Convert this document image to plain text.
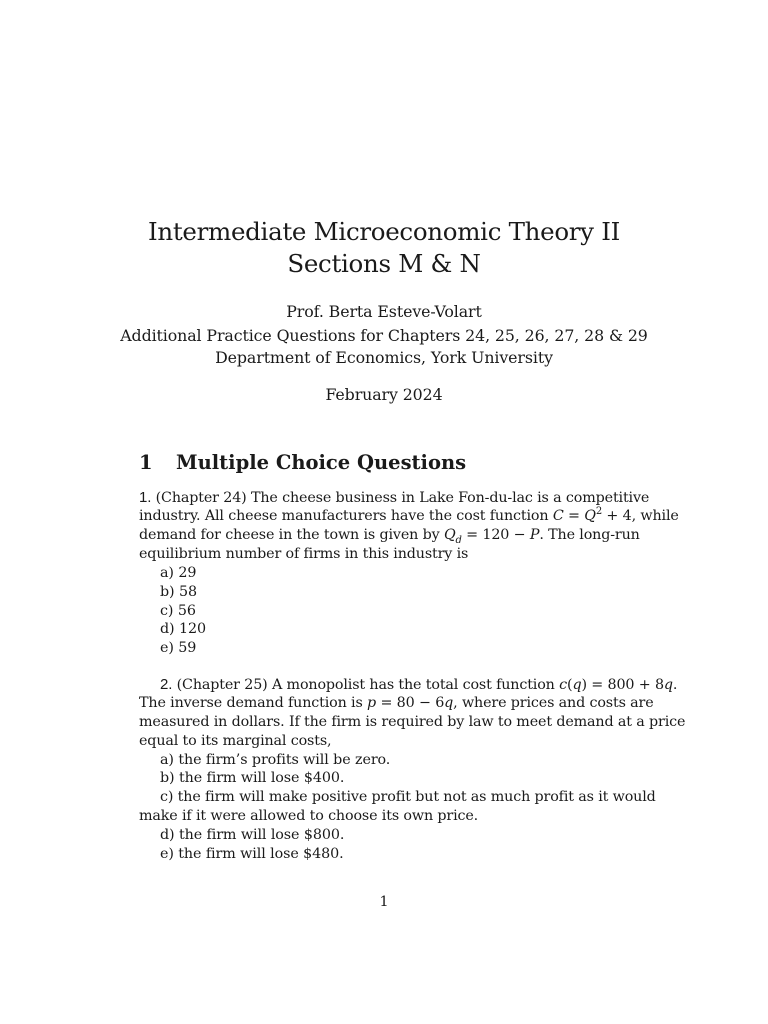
Intermediate Microeconomic Theory II
Sections M & N
Prof. Berta Esteve-Volart
Additional Practice Questions for Chapters 24, 25, 26, 27, 28 & 29
Department of Economics, York University
February 2024
1 Multiple Choice Questions
1. (Chapter 24) The cheese business in Lake Fon-du-lac is a competitive
industry. All cheese manufacturers have the cost function $C = Q^2 + 4$, while
demand for cheese in the town is given by $Q_d = 120 - P$. The long-run
equilibrium number of firms in this industry is
a) 29
b) 58
c) 56
d) 120
e) 59
2. (Chapter 25) A monopolist has the total cost function c(q) = 800 + 8q.
The inverse demand function is p = 80 − 6q, where prices and costs are
measured in dollars. If the firm is required by law to meet demand at a price
equal to its marginal costs,
a) the firm’s profits will be zero.
b) the firm will lose $400.
c) the firm will make positive profit but not as much profit as it would
make if it were allowed to choose its own price.
d) the firm will lose $800.
e) the firm will lose $480.
1
